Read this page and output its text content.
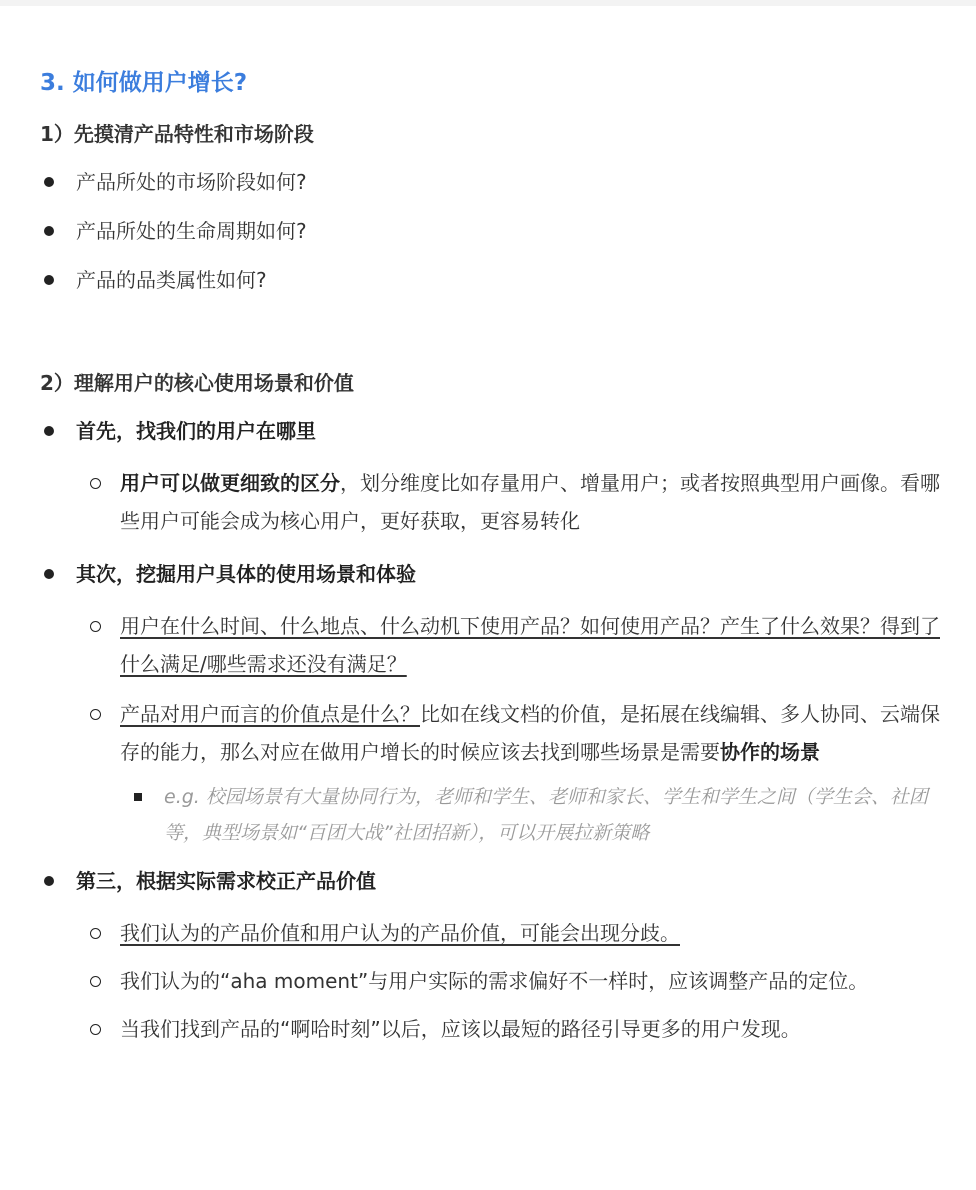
3. 如何做用户增长?
1）先摸清产品特性和市场阶段
产品所处的市场阶段如何?
产品所处的生命周期如何?
产品的品类属性如何?
2）理解用户的核心使用场景和价值
首先，找我们的用户在哪里
用户可以做更细致的区分，划分维度比如存量用户、增量用户；或者按照典型用户画像。看哪些用户可能会成为核心用户，更好获取，更容易转化
其次，挖掘用户具体的使用场景和体验
用户在什么时间、什么地点、什么动机下使用产品？如何使用产品？产生了什么效果？得到了什么满足/哪些需求还没有满足？
产品对用户而言的价值点是什么？比如在线文档的价值，是拓展在线编辑、多人协同、云端保存的能力，那么对应在做用户增长的时候应该去找到哪些场景是需要协作的场景
e.g. 校园场景有大量协同行为，老师和学生、老师和家长、学生和学生之间（学生会、社团等，典型场景如“百团大战”社团招新），可以开展拉新策略
第三，根据实际需求校正产品价值
我们认为的产品价值和用户认为的产品价值，可能会出现分歧。
我们认为的“aha moment”与用户实际的需求偏好不一样时，应该调整产品的定位。
当我们找到产品的“啊哈时刻”以后，应该以最短的路径引导更多的用户发现。
